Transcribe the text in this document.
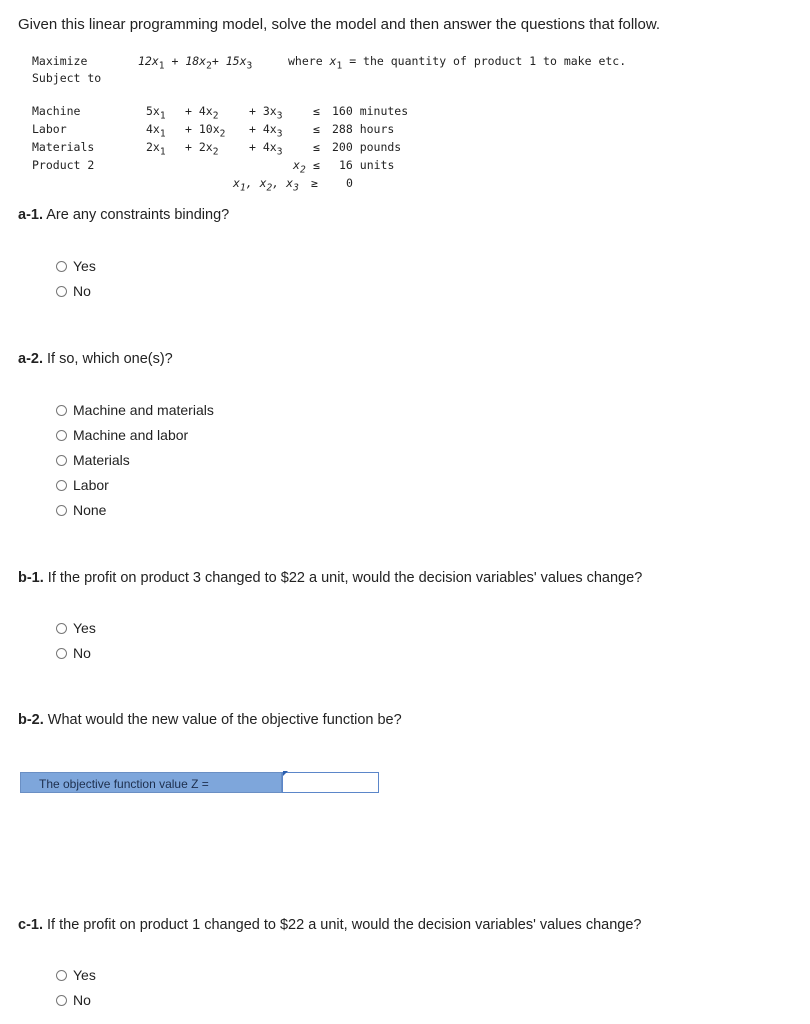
Given this linear programming model, solve the model and then answer the questions that follow.
Maximize
Subject to
$12x_1 + 18x_2+ 15x_3$	where $x_1$ = the quantity of product 1 to make etc.
Machine	$5x_1 + 4x_2$	+ $3x_3$	≤ 160 minutes
Labor	$4x_1 + 10x_2 + 4x_3$	≤ 288 hours
Materials	$2x_1 + 2x_2$	+ $4x_3$	≤ 200 pounds
Product 2	$x_2 \le 16$ units
$x_1$, $x_2$, $x_3 \ge 0$
a-1. Are any constraints binding?
Yes
No
a-2. If so, which one(s)?
Machine and materials
Machine and labor
Materials
Labor
None
b-1. If the profit on product 3 changed to $22 a unit, would the decision variables' values change?
Yes
No
b-2. What would the new value of the objective function be?
The objective function value Z =
c-1. If the profit on product 1 changed to $22 a unit, would the decision variables' values change?
Yes
No
